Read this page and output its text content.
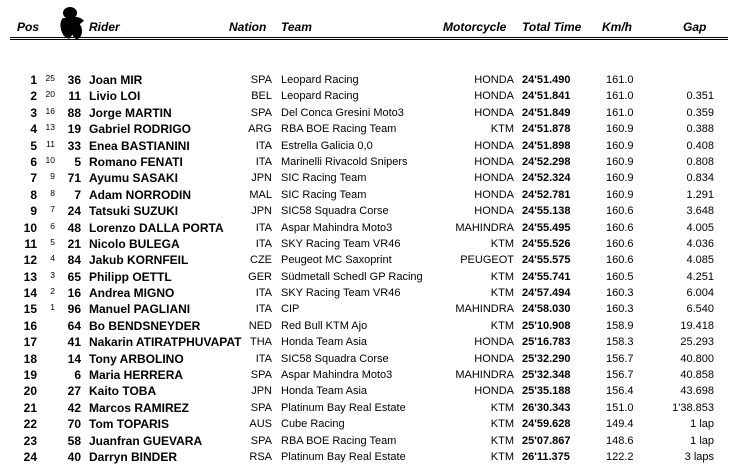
Pos	Rider	Nation Team	Motorcycle Total Time Km/h	Gap
1	25	36 Joan MIR	SPA Leopard Racing	HONDA 24'51.490	161.0
2	20	11 Livio LOI	BEL Leopard Racing	HONDA 24'51.841	161.0	0.351
3	16	88 Jorge MARTIN	SPA Del Conca Gresini Moto3	HONDA 24'51.849	161.0	0.359
4	13	19 Gabriel RODRIGO	ARG RBA BOE Racing Team	KTM 24'51.878	160.9	0.388
5	11	33 Enea BASTIANINI	ITA Estrella Galicia 0,0	HONDA 24'51.898	160.9	0.408
6	10	5 Romano FENATI	ITA Marinelli Rivacold Snipers	HONDA 24'52.298	160.9	0.808
7	9	71 Ayumu SASAKI	JPN SIC Racing Team	HONDA 24'52.324	160.9	0.834
8	8	7 Adam NORRODIN	MAL SIC Racing Team	HONDA 24'52.781	160.9	1.291
9	7	24 Tatsuki SUZUKI	JPN SIC58 Squadra Corse	HONDA 24'55.138	160.6	3.648
10	6	48 Lorenzo DALLA PORTA	ITA Aspar Mahindra Moto3	MAHINDRA 24'55.495	160.6	4.005
11	5	21 Nicolo BULEGA	ITA SKY Racing Team VR46	KTM 24'55.526	160.6	4.036
12	4	84 Jakub KORNFEIL	CZE Peugeot MC Saxoprint	PEUGEOT 24'55.575	160.6	4.085
13	3	65 Philipp OETTL	GER Südmetall Schedl GP Racing	KTM 24'55.741	160.5	4.251
14	2	16 Andrea MIGNO	ITA SKY Racing Team VR46	KTM 24'57.494	160.3	6.004
15	1	96 Manuel PAGLIANI	ITA CIP	MAHINDRA 24'58.030	160.3	6.540
16	64 Bo BENDSNEYDER	NED Red Bull KTM Ajo	KTM 25'10.908	158.9	19.418
17	41 Nakarin ATIRATPHUVAPAT THA Honda Team Asia	HONDA 25'16.783	158.3	25.293
18	14 Tony ARBOLINO	ITA SIC58 Squadra Corse	HONDA 25'32.290	156.7	40.800
19	6 Maria HERRERA	SPA Aspar Mahindra Moto3	MAHINDRA 25'32.348	156.7	40.858
20	27 Kaito TOBA	JPN Honda Team Asia	HONDA 25'35.188	156.4	43.698
21	42 Marcos RAMIREZ	SPA Platinum Bay Real Estate	KTM 26'30.343	151.0	1'38.853
22	70 Tom TOPARIS	AUS Cube Racing	KTM 24'59.628	149.4	1 lap
23	58 Juanfran GUEVARA	SPA RBA BOE Racing Team	KTM 25'07.867	148.6	1 lap
24	40 Darryn BINDER	RSA Platinum Bay Real Estate	KTM 26'11.375	122.2	3 laps
